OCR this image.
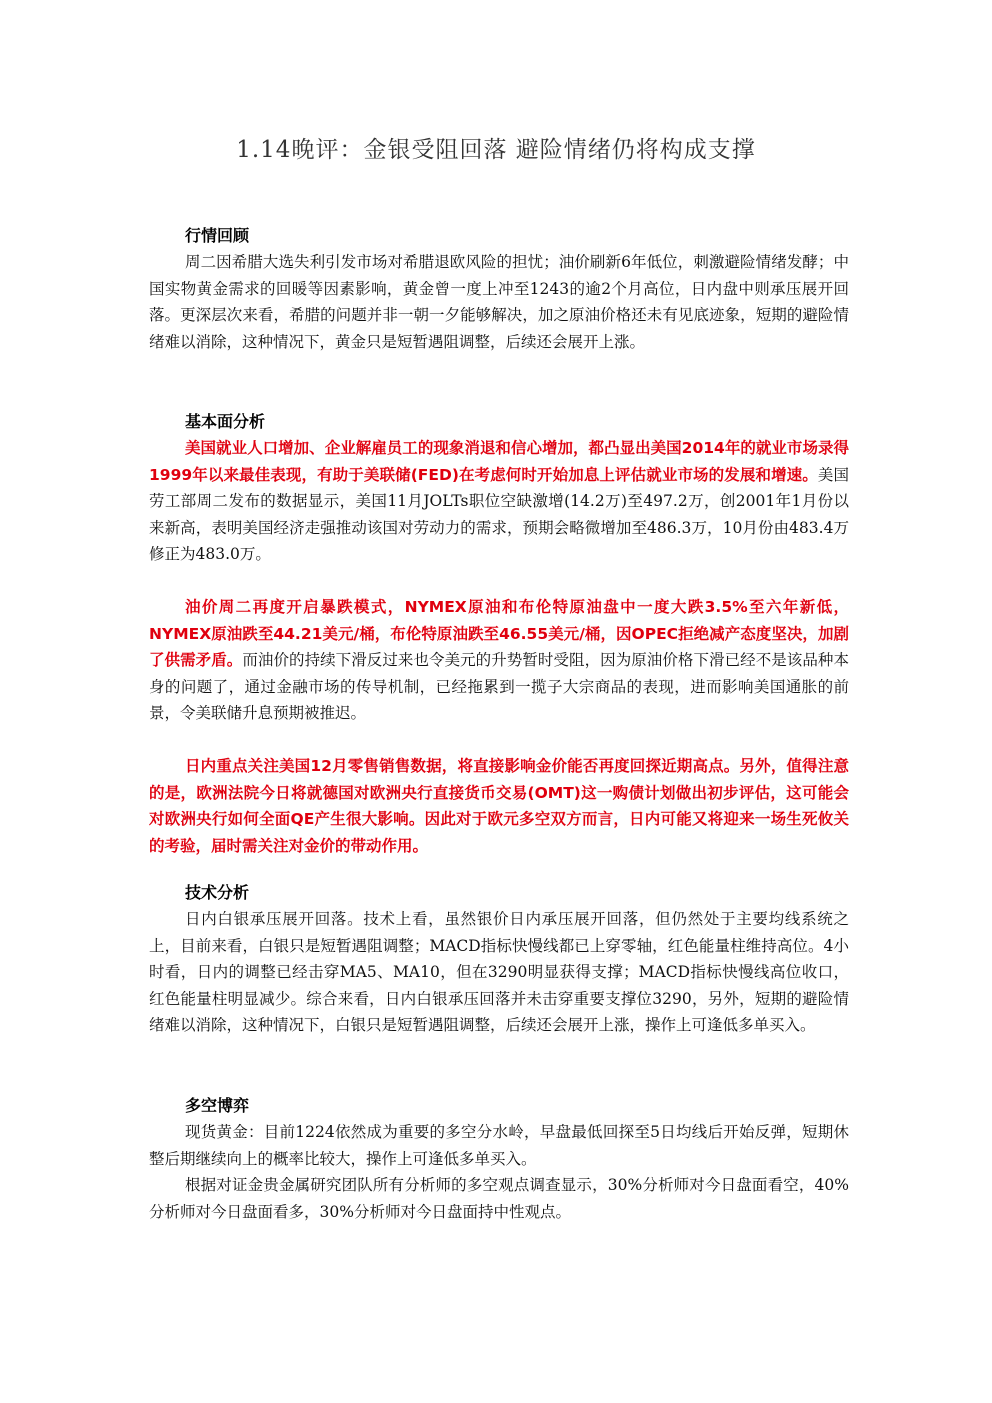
1.14晚评：金银受阻回落 避险情绪仍将构成支撑
行情回顾

周二因希腊大选失利引发市场对希腊退欧风险的担忧；油价刷新6年低位，刺激避险情绪发酵；中国实物黄金需求的回暖等因素影响，黄金曾一度上冲至1243的逾2个月高位，日内盘中则承压展开回落。更深层次来看，希腊的问题并非一朝一夕能够解决，加之原油价格还未有见底迹象，短期的避险情绪难以消除，这种情况下，黄金只是短暂遇阻调整，后续还会展开上涨。

基本面分析

美国就业人口增加、企业解雇员工的现象消退和信心增加，都凸显出美国2014年的就业市场录得1999年以来最佳表现，有助于美联储(FED)在考虑何时开始加息上评估就业市场的发展和增速。美国劳工部周二发布的数据显示，美国11月JOLTs职位空缺激增(14.2万)至497.2万，创2001年1月份以来新高，表明美国经济走强推动该国对劳动力的需求，预期会略微增加至486.3万，10月份由483.4万修正为483.0万。

油价周二再度开启暴跌模式，NYMEX原油和布伦特原油盘中一度大跌3.5%至六年新低，NYMEX原油跌至44.21美元/桶，布伦特原油跌至46.55美元/桶，因OPEC拒绝减产态度坚决，加剧了供需矛盾。而油价的持续下滑反过来也令美元的升势暂时受阻，因为原油价格下滑已经不是该品种本身的问题了，通过金融市场的传导机制，已经拖累到一揽子大宗商品的表现，进而影响美国通胀的前景，令美联储升息预期被推迟。

日内重点关注美国12月零售销售数据，将直接影响金价能否再度回探近期高点。另外，值得注意的是，欧洲法院今日将就德国对欧洲央行直接货币交易(OMT)这一购债计划做出初步评估，这可能会对欧洲央行如何全面QE产生很大影响。因此对于欧元多空双方而言，日内可能又将迎来一场生死攸关的考验，届时需关注对金价的带动作用。

技术分析

日内白银承压展开回落。技术上看，虽然银价日内承压展开回落，但仍然处于主要均线系统之上，目前来看，白银只是短暂遇阻调整；MACD指标快慢线都已上穿零轴，红色能量柱维持高位。4小时看，日内的调整已经击穿MA5、MA10，但在3290明显获得支撑；MACD指标快慢线高位收口，红色能量柱明显减少。综合来看，日内白银承压回落并未击穿重要支撑位3290，另外，短期的避险情绪难以消除，这种情况下，白银只是短暂遇阻调整，后续还会展开上涨，操作上可逢低多单买入。

多空博弈

现货黄金：目前1224依然成为重要的多空分水岭，早盘最低回探至5日均线后开始反弹，短期休整后期继续向上的概率比较大，操作上可逢低多单买入。

根据对证金贵金属研究团队所有分析师的多空观点调查显示，30%分析师对今日盘面看空，40%分析师对今日盘面看多，30%分析师对今日盘面持中性观点。
